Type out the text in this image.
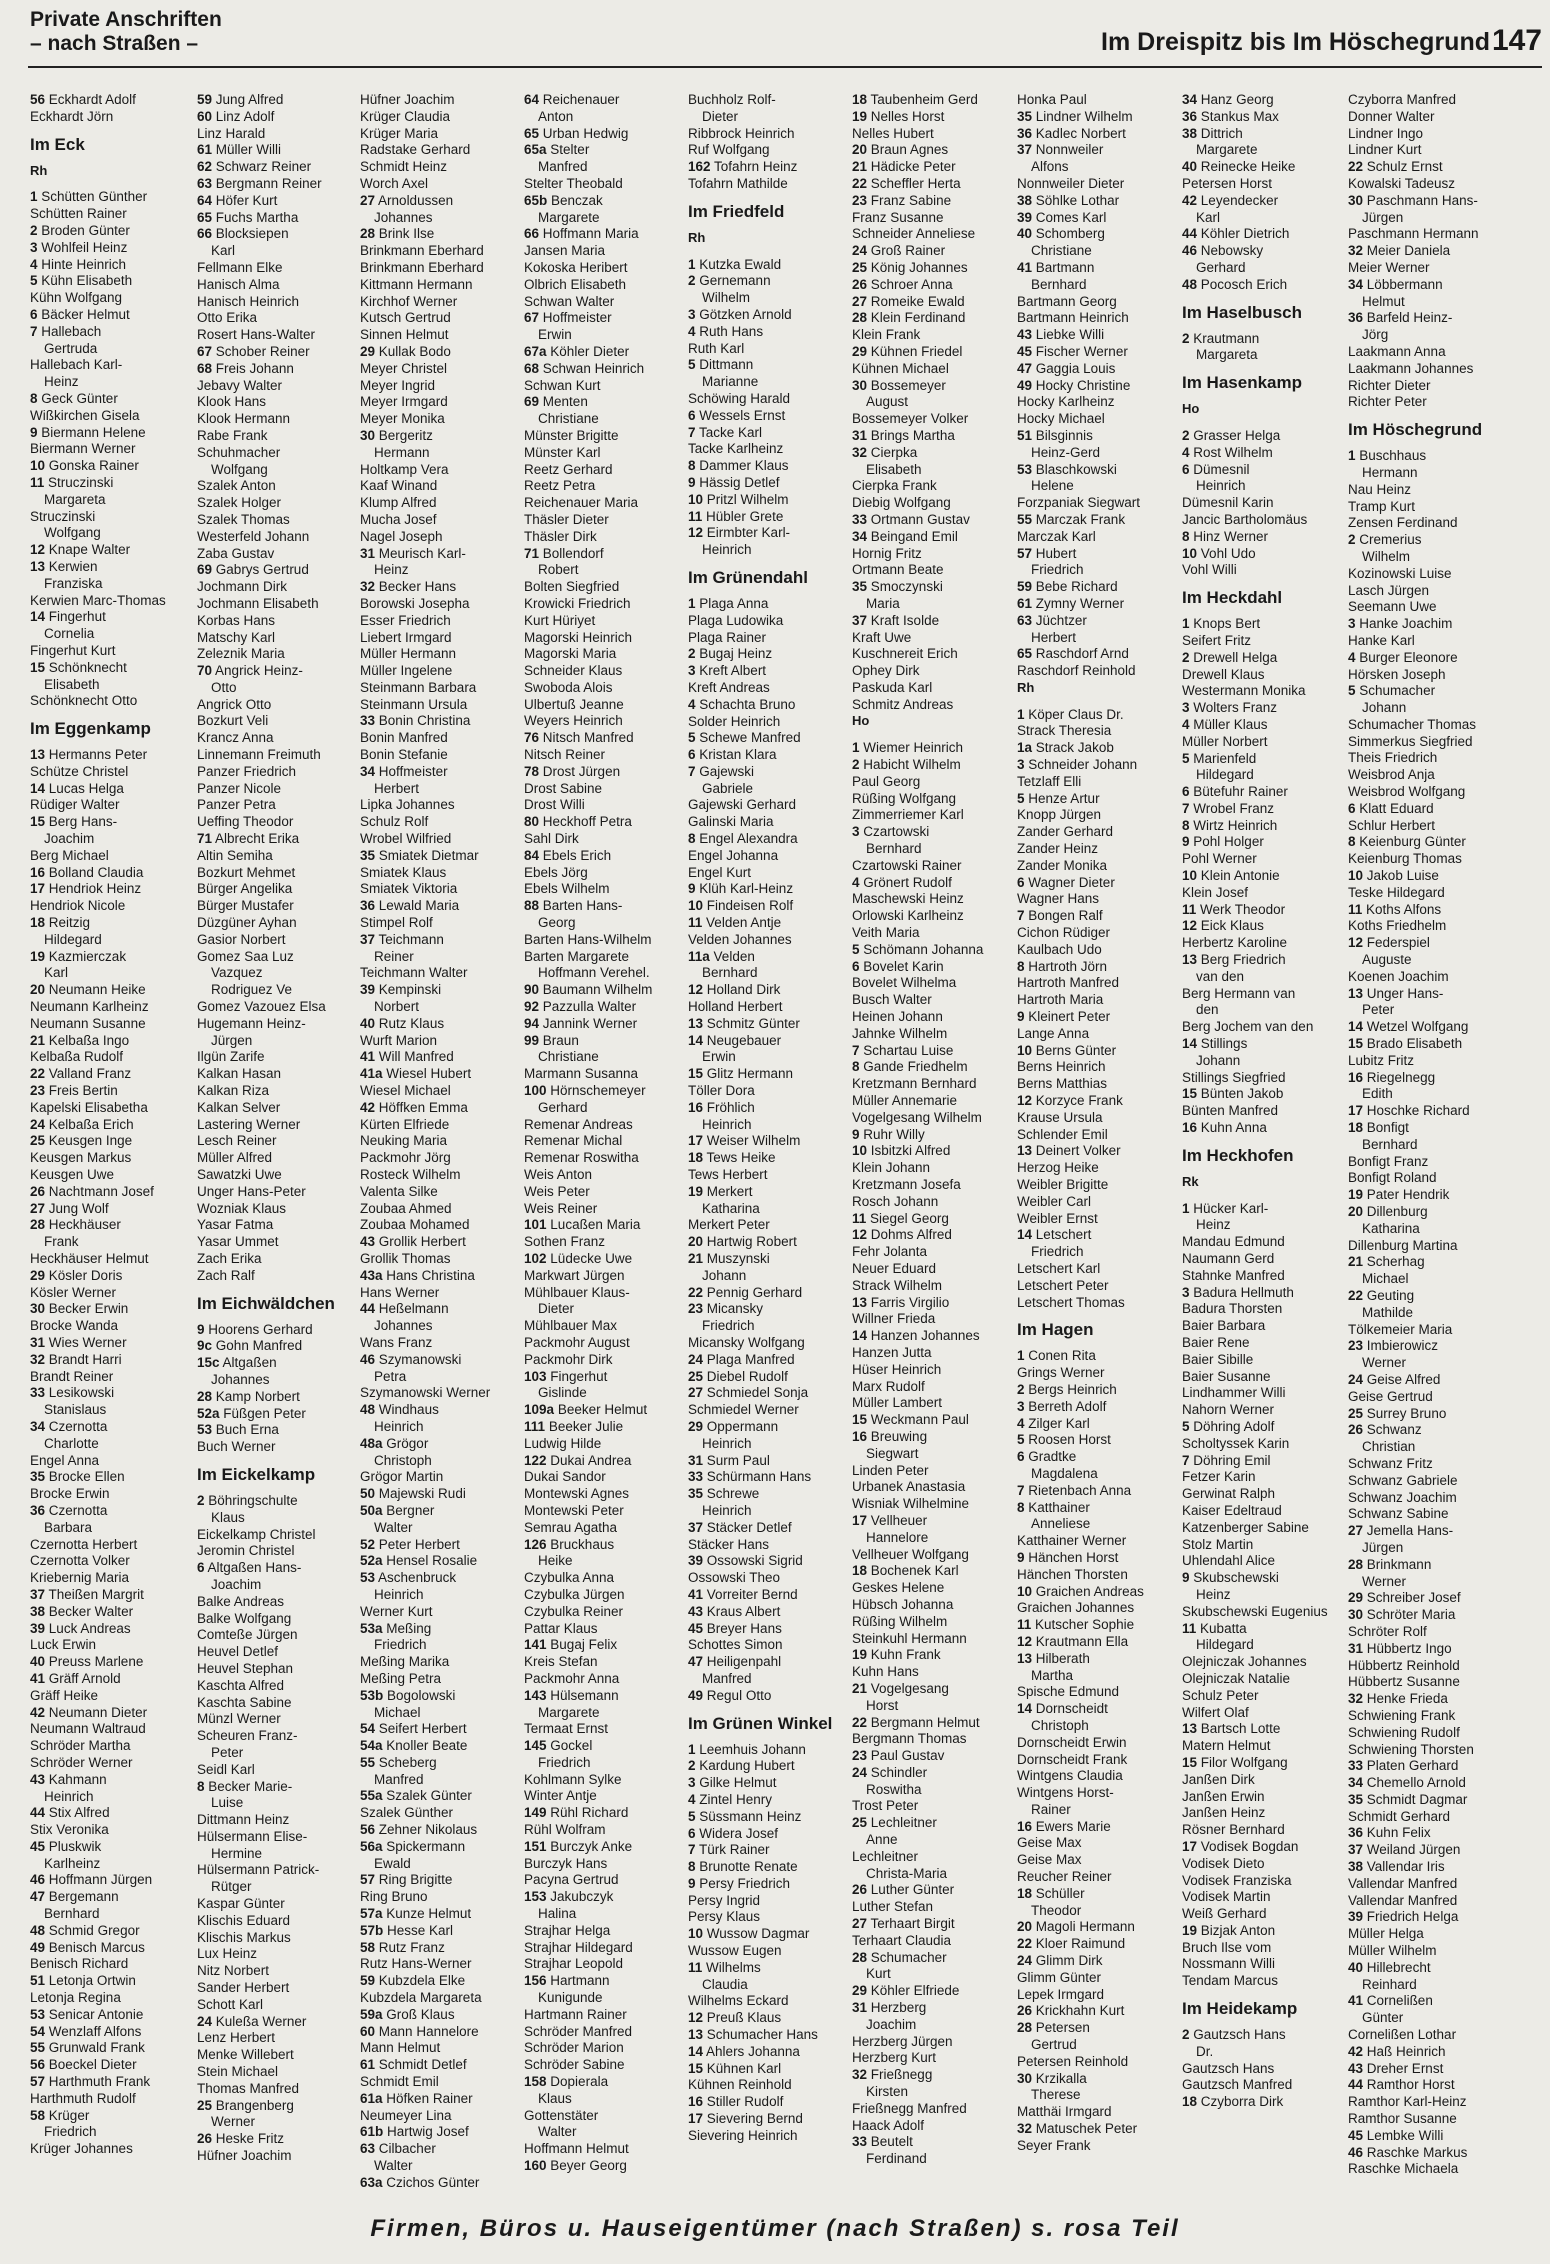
Private Anschriften
– nach Straßen –	Im Dreispitz bis Im Höschegrund 147
56 Eckhardt Adolf
Eckhardt Jörn
Im Eck
Rh
1 Schütten Günther
Schütten Rainer
2 Broden Günter
3 Wohlfeil Heinz
4 Hinte Heinrich
5 Kühn Elisabeth
Kühn Wolfgang
6 Bäcker Helmut
7 Hallebach
Gertruda
Hallebach Karl-
Heinz
8 Geck Günter
Wißkirchen Gisela
9 Biermann Helene
Biermann Werner
10 Gonska Rainer
11 Struczinski
Margareta
Struczinski
Wolfgang
12 Knape Walter
13 Kerwien
Franziska
Kerwien Marc-Thomas
14 Fingerhut
Cornelia
Fingerhut Kurt
15 Schönknecht
Elisabeth
Schönknecht Otto
Im Eggenkamp
13 Hermanns Peter
Schütze Christel
14 Lucas Helga
Rüdiger Walter
15 Berg Hans-
Joachim
Berg Michael
16 Bolland Claudia
17 Hendriok Heinz
Hendriok Nicole
18 Reitzig
Hildegard
19 Kazmierczak
Karl
20 Neumann Heike
Neumann Karlheinz
Neumann Susanne
21 Kelbaßa Ingo
Kelbaßa Rudolf
22 Valland Franz
23 Freis Bertin
Kapelski Elisabetha
24 Kelbaßa Erich
25 Keusgen Inge
Keusgen Markus
Keusgen Uwe
26 Nachtmann Josef
27 Jung Wolf
28 Heckhäuser
Frank
Heckhäuser Helmut
29 Kösler Doris
Kösler Werner
30 Becker Erwin
Brocke Wanda
31 Wies Werner
32 Brandt Harri
Brandt Reiner
33 Lesikowski
Stanislaus
34 Czernotta
Charlotte
Engel Anna
35 Brocke Ellen
Brocke Erwin
36 Czernotta
Barbara
Czernotta Herbert
Czernotta Volker
Kriebernig Maria
37 Theißen Margrit
38 Becker Walter
39 Luck Andreas
Luck Erwin
40 Preuss Marlene
41 Gräff Arnold
Gräff Heike
42 Neumann Dieter
Neumann Waltraud
Schröder Martha
Schröder Werner
43 Kahmann
Heinrich
44 Stix Alfred
Stix Veronika
45 Pluskwik
Karlheinz
46 Hoffmann Jürgen
47 Bergemann
Bernhard
48 Schmid Gregor
49 Benisch Marcus
Benisch Richard
51 Letonja Ortwin
Letonja Regina
53 Senicar Antonie
54 Wenzlaff Alfons
55 Grunwald Frank
56 Boeckel Dieter
57 Harthmuth Frank
Harthmuth Rudolf
58 Krüger
Friedrich
Krüger Johannes
59 Jung Alfred
60 Linz Adolf
Linz Harald
61 Müller Willi
62 Schwarz Reiner
63 Bergmann Reiner
64 Höfer Kurt
65 Fuchs Martha
66 Blocksiepen
Karl
Fellmann Elke
Hanisch Alma
Hanisch Heinrich
Otto Erika
Rosert Hans-Walter
67 Schober Reiner
68 Freis Johann
Jebavy Walter
Klook Hans
Klook Hermann
Rabe Frank
Schuhmacher
Wolfgang
Szalek Anton
Szalek Holger
Szalek Thomas
Westerfeld Johann
Zaba Gustav
69 Gabrys Gertrud
Jochmann Dirk
Jochmann Elisabeth
Korbas Hans
Matschy Karl
Zeleznik Maria
70 Angrick Heinz-
Otto
Angrick Otto
Bozkurt Veli
Krancz Anna
Linnemann Freimuth
Panzer Friedrich
Panzer Nicole
Panzer Petra
Ueffing Theodor
71 Albrecht Erika
Altin Semiha
Bozkurt Mehmet
Bürger Angelika
Bürger Mustafer
Düzgüner Ayhan
Gasior Norbert
Gomez Saa Luz
Vazquez
Rodriguez Ve
Gomez Vazouez Elsa
Hugemann Heinz-
Jürgen
Ilgün Zarife
Kalkan Hasan
Kalkan Riza
Kalkan Selver
Lastering Werner
Lesch Reiner
Müller Alfred
Sawatzki Uwe
Unger Hans-Peter
Wozniak Klaus
Yasar Fatma
Yasar Ummet
Zach Erika
Zach Ralf
Im Eichwäldchen
9 Hoorens Gerhard
9c Gohn Manfred
15c Altgaßen
Johannes
28 Kamp Norbert
52a Füßgen Peter
53 Buch Erna
Buch Werner
Im Eickelkamp
2 Böhringschulte
Klaus
Eickelkamp Christel
Jeromin Christel
6 Altgaßen Hans-
Joachim
Balke Andreas
Balke Wolfgang
Comteße Jürgen
Heuvel Detlef
Heuvel Stephan
Kaschta Alfred
Kaschta Sabine
Münzl Werner
Scheuren Franz-
Peter
Seidl Karl
8 Becker Marie-
Luise
Dittmann Heinz
Hülsermann Elise-
Hermine
Hülsermann Patrick-
Rütger
Kaspar Günter
Klischis Eduard
Klischis Markus
Lux Heinz
Nitz Norbert
Sander Herbert
Schott Karl
24 Kuleßa Werner
Lenz Herbert
Menke Willebert
Stein Michael
Thomas Manfred
25 Brangenberg
Werner
26 Heske Fritz
Hüfner Joachim
Hüfner Joachim
Krüger Claudia
Krüger Maria
Radstake Gerhard
Schmidt Heinz
Worch Axel
27 Arnoldussen
Johannes
28 Brink Ilse
Brinkmann Eberhard
Brinkmann Eberhard
Kittmann Hermann
Kirchhof Werner
Kutsch Gertrud
Sinnen Helmut
29 Kullak Bodo
Meyer Christel
Meyer Ingrid
Meyer Irmgard
Meyer Monika
30 Bergeritz
Hermann
Holtkamp Vera
Kaaf Winand
Klump Alfred
Mucha Josef
Nagel Joseph
31 Meurisch Karl-
Heinz
32 Becker Hans
Borowski Josepha
Esser Friedrich
Liebert Irmgard
Müller Hermann
Müller Ingelene
Steinmann Barbara
Steinmann Ursula
33 Bonin Christina
Bonin Manfred
Bonin Stefanie
34 Hoffmeister
Herbert
Lipka Johannes
Schulz Rolf
Wrobel Wilfried
35 Smiatek Dietmar
Smiatek Klaus
Smiatek Viktoria
36 Lewald Maria
Stimpel Rolf
37 Teichmann
Reiner
Teichmann Walter
39 Kempinski
Norbert
40 Rutz Klaus
Wurft Marion
41 Will Manfred
41a Wiesel Hubert
Wiesel Michael
42 Höffken Emma
Kürten Elfriede
Neuking Maria
Packmohr Jörg
Rosteck Wilhelm
Valenta Silke
Zoubaa Ahmed
Zoubaa Mohamed
43 Grollik Herbert
Grollik Thomas
43a Hans Christina
Hans Werner
44 Heßelmann
Johannes
Wans Franz
46 Szymanowski
Petra
Szymanowski Werner
48 Windhaus
Heinrich
48a Grögor
Christoph
Grögor Martin
50 Majewski Rudi
50a Bergner
Walter
52 Peter Herbert
52a Hensel Rosalie
53 Aschenbruck
Heinrich
Werner Kurt
53a Meßing
Friedrich
Meßing Marika
Meßing Petra
53b Bogolowski
Michael
54 Seifert Herbert
54a Knoller Beate
55 Scheberg
Manfred
55a Szalek Günter
Szalek Günther
56 Zehner Nikolaus
56a Spickermann
Ewald
57 Ring Brigitte
Ring Bruno
57a Kunze Helmut
57b Hesse Karl
58 Rutz Franz
Rutz Hans-Werner
59 Kubzdela Elke
Kubzdela Margareta
59a Groß Klaus
60 Mann Hannelore
Mann Helmut
61 Schmidt Detlef
Schmidt Emil
61a Höfken Rainer
Neumeyer Lina
61b Hartwig Josef
63 Cilbacher
Walter
63a Czichos Günter
64 Reichenauer
Anton
65 Urban Hedwig
65a Stelter
Manfred
Stelter Theobald
65b Benczak
Margarete
66 Hoffmann Maria
Jansen Maria
Kokoska Heribert
Olbrich Elisabeth
Schwan Walter
67 Hoffmeister
Erwin
67a Köhler Dieter
68 Schwan Heinrich
Schwan Kurt
69 Menten
Christiane
Münster Brigitte
Münster Karl
Reetz Gerhard
Reetz Petra
Reichenauer Maria
Thäsler Dieter
Thäsler Dirk
71 Bollendorf
Robert
Bolten Siegfried
Krowicki Friedrich
Kurt Hüriyet
Magorski Heinrich
Magorski Maria
Schneider Klaus
Swoboda Alois
Ulbertuß Jeanne
Weyers Heinrich
76 Nitsch Manfred
Nitsch Reiner
78 Drost Jürgen
Drost Sabine
Drost Willi
80 Heckhoff Petra
Sahl Dirk
84 Ebels Erich
Ebels Jörg
Ebels Wilhelm
88 Barten Hans-
Georg
Barten Hans-Wilhelm
Barten Margarete
Hoffmann Verehel.
90 Baumann Wilhelm
92 Pazzulla Walter
94 Jannink Werner
99 Braun
Christiane
Marmann Susanna
100 Hörnschemeyer
Gerhard
Remenar Andreas
Remenar Michal
Remenar Roswitha
Weis Anton
Weis Peter
Weis Reiner
101 Lucaßen Maria
Sothen Franz
102 Lüdecke Uwe
Markwart Jürgen
Mühlbauer Klaus-
Dieter
Mühlbauer Max
Packmohr August
Packmohr Dirk
103 Fingerhut
Gislinde
109a Beeker Helmut
111 Beeker Julie
Ludwig Hilde
122 Dukai Andrea
Dukai Sandor
Montewski Agnes
Montewski Peter
Semrau Agatha
126 Bruckhaus
Heike
Czybulka Anna
Czybulka Jürgen
Czybulka Reiner
Pattar Klaus
141 Bugaj Felix
Kreis Stefan
Packmohr Anna
143 Hülsemann
Margarete
Termaat Ernst
145 Gockel
Friedrich
Kohlmann Sylke
Winter Antje
149 Rühl Richard
Rühl Wolfram
151 Burczyk Anke
Burczyk Hans
Pacyna Gertrud
153 Jakubczyk
Halina
Strajhar Helga
Strajhar Hildegard
Strajhar Leopold
156 Hartmann
Kunigunde
Hartmann Rainer
Schröder Manfred
Schröder Marion
Schröder Sabine
158 Dopierala
Klaus
Gottenstäter
Walter
Hoffmann Helmut
160 Beyer Georg
Buchholz Rolf-
Dieter
Ribbrock Heinrich
Ruf Wolfgang
162 Tofahrn Heinz
Tofahrn Mathilde
Im Friedfeld
Rh
1 Kutzka Ewald
2 Gernemann
Wilhelm
3 Götzken Arnold
4 Ruth Hans
Ruth Karl
5 Dittmann
Marianne
Schöwing Harald
6 Wessels Ernst
7 Tacke Karl
Tacke Karlheinz
8 Dammer Klaus
9 Hässig Detlef
10 Pritzl Wilhelm
11 Hübler Grete
12 Eirmbter Karl-
Heinrich
Im Grünendahl
1 Plaga Anna
Plaga Ludowika
Plaga Rainer
2 Bugaj Heinz
3 Kreft Albert
Kreft Andreas
4 Schachta Bruno
Solder Heinrich
5 Schewe Manfred
6 Kristan Klara
7 Gajewski
Gabriele
Gajewski Gerhard
Galinski Maria
8 Engel Alexandra
Engel Johanna
Engel Kurt
9 Klüh Karl-Heinz
10 Findeisen Rolf
11 Velden Antje
Velden Johannes
11a Velden
Bernhard
12 Holland Dirk
Holland Herbert
13 Schmitz Günter
14 Neugebauer
Erwin
15 Glitz Hermann
Töller Dora
16 Fröhlich
Heinrich
17 Weiser Wilhelm
18 Tews Heike
Tews Herbert
19 Merkert
Katharina
Merkert Peter
20 Hartwig Robert
21 Muszynski
Johann
22 Pennig Gerhard
23 Micansky
Friedrich
Micansky Wolfgang
24 Plaga Manfred
25 Diebel Rudolf
27 Schmiedel Sonja
Schmiedel Werner
29 Oppermann
Heinrich
31 Surm Paul
33 Schürmann Hans
35 Schrewe
Heinrich
37 Stäcker Detlef
Stäcker Hans
39 Ossowski Sigrid
Ossowski Theo
41 Vorreiter Bernd
43 Kraus Albert
45 Breyer Hans
Schottes Simon
47 Heiligenpahl
Manfred
49 Regul Otto
Im Grünen Winkel
1 Leemhuis Johann
2 Kardung Hubert
3 Gilke Helmut
4 Zintel Henry
5 Süssmann Heinz
6 Widera Josef
7 Türk Rainer
8 Brunotte Renate
9 Persy Friedrich
Persy Ingrid
Persy Klaus
10 Wussow Dagmar
Wussow Eugen
11 Wilhelms
Claudia
Wilhelms Eckard
12 Preuß Klaus
13 Schumacher Hans
14 Ahlers Johanna
15 Kühnen Karl
Kühnen Reinhold
16 Stiller Rudolf
17 Sievering Bernd
Sievering Heinrich
18 Taubenheim Gerd
19 Nelles Horst
Nelles Hubert
20 Braun Agnes
21 Hädicke Peter
22 Scheffler Herta
23 Franz Sabine
Franz Susanne
Schneider Anneliese
24 Groß Rainer
25 König Johannes
26 Schroer Anna
27 Romeike Ewald
28 Klein Ferdinand
Klein Frank
29 Kühnen Friedel
Kühnen Michael
30 Bossemeyer
August
Bossemeyer Volker
31 Brings Martha
32 Cierpka
Elisabeth
Cierpka Frank
Diebig Wolfgang
33 Ortmann Gustav
34 Beingand Emil
Hornig Fritz
Ortmann Beate
35 Smoczynski
Maria
37 Kraft Isolde
Kraft Uwe
Kuschnereit Erich
Ophey Dirk
Paskuda Karl
Schmitz Andreas
Ho
1 Wiemer Heinrich
2 Habicht Wilhelm
Paul Georg
Rüßing Wolfgang
Zimmerriemer Karl
3 Czartowski
Bernhard
Czartowski Rainer
4 Grönert Rudolf
Maschewski Heinz
Orlowski Karlheinz
Veith Maria
5 Schömann Johanna
6 Bovelet Karin
Bovelet Wilhelma
Busch Walter
Heinen Johann
Jahnke Wilhelm
7 Schartau Luise
8 Gande Friedhelm
Kretzmann Bernhard
Müller Annemarie
Vogelgesang Wilhelm
9 Ruhr Willy
10 Isbitzki Alfred
Klein Johann
Kretzmann Josefa
Rosch Johann
11 Siegel Georg
12 Dohms Alfred
Fehr Jolanta
Neuer Eduard
Strack Wilhelm
13 Farris Virgilio
Willner Frieda
14 Hanzen Johannes
Hanzen Jutta
Hüser Heinrich
Marx Rudolf
Müller Lambert
15 Weckmann Paul
16 Breuwing
Siegwart
Linden Peter
Urbanek Anastasia
Wisniak Wilhelmine
17 Vellheuer
Hannelore
Vellheuer Wolfgang
18 Bochenek Karl
Geskes Helene
Hübsch Johanna
Rüßing Wilhelm
Steinkuhl Hermann
19 Kuhn Frank
Kuhn Hans
21 Vogelgesang
Horst
22 Bergmann Helmut
Bergmann Thomas
23 Paul Gustav
24 Schindler
Roswitha
Trost Peter
25 Lechleitner
Anne
Lechleitner
Christa-Maria
26 Luther Günter
Luther Stefan
27 Terhaart Birgit
Terhaart Claudia
28 Schumacher
Kurt
29 Köhler Elfriede
31 Herzberg
Joachim
Herzberg Jürgen
Herzberg Kurt
32 Frießnegg
Kirsten
Frießnegg Manfred
Haack Adolf
33 Beutelt
Ferdinand
Honka Paul
35 Lindner Wilhelm
36 Kadlec Norbert
37 Nonnweiler
Alfons
Nonnweiler Dieter
38 Söhlke Lothar
39 Comes Karl
40 Schomberg
Christiane
41 Bartmann
Bernhard
Bartmann Georg
Bartmann Heinrich
43 Liebke Willi
45 Fischer Werner
47 Gaggia Louis
49 Hocky Christine
Hocky Karlheinz
Hocky Michael
51 Bilsginnis
Heinz-Gerd
53 Blaschkowski
Helene
Forzpaniak Siegwart
55 Marczak Frank
Marczak Karl
57 Hubert
Friedrich
59 Bebe Richard
61 Zymny Werner
63 Jüchtzer
Herbert
65 Raschdorf Arnd
Raschdorf Reinhold
Rh
1 Köper Claus Dr.
Strack Theresia
1a Strack Jakob
3 Schneider Johann
Tetzlaff Elli
5 Henze Artur
Knopp Jürgen
Zander Gerhard
Zander Heinz
Zander Monika
6 Wagner Dieter
Wagner Hans
7 Bongen Ralf
Cichon Rüdiger
Kaulbach Udo
8 Hartroth Jörn
Hartroth Manfred
Hartroth Maria
9 Kleinert Peter
Lange Anna
10 Berns Günter
Berns Heinrich
Berns Matthias
12 Korzyce Frank
Krause Ursula
Schlender Emil
13 Deinert Volker
Herzog Heike
Weibler Brigitte
Weibler Carl
Weibler Ernst
14 Letschert
Friedrich
Letschert Karl
Letschert Peter
Letschert Thomas
Im Hagen
1 Conen Rita
Grings Werner
2 Bergs Heinrich
3 Berreth Adolf
4 Zilger Karl
5 Roosen Horst
6 Gradtke
Magdalena
7 Rietenbach Anna
8 Katthainer
Anneliese
Katthainer Werner
9 Hänchen Horst
Hänchen Thorsten
10 Graichen Andreas
Graichen Johannes
11 Kutscher Sophie
12 Krautmann Ella
13 Hilberath
Martha
Spische Edmund
14 Dornscheidt
Christoph
Dornscheidt Erwin
Dornscheidt Frank
Wintgens Claudia
Wintgens Horst-
Rainer
16 Ewers Marie
Geise Max
Geise Max
Reucher Reiner
18 Schüller
Theodor
20 Magoli Hermann
22 Kloer Raimund
24 Glimm Dirk
Glimm Günter
Lepek Irmgard
26 Krickhahn Kurt
28 Petersen
Gertrud
Petersen Reinhold
30 Krzikalla
Therese
Matthäi Irmgard
32 Matuschek Peter
Seyer Frank
34 Hanz Georg
36 Stankus Max
38 Dittrich
Margarete
40 Reinecke Heike
Petersen Horst
42 Leyendecker
Karl
44 Köhler Dietrich
46 Nebowsky
Gerhard
48 Pocosch Erich
Im Haselbusch
2 Krautmann
Margareta
Im Hasenkamp
Ho
2 Grasser Helga
4 Rost Wilhelm
6 Dümesnil
Heinrich
Dümesnil Karin
Jancic Bartholomäus
8 Hinz Werner
10 Vohl Udo
Vohl Willi
Im Heckdahl
1 Knops Bert
Seifert Fritz
2 Drewell Helga
Drewell Klaus
Westermann Monika
3 Wolters Franz
4 Müller Klaus
Müller Norbert
5 Marienfeld
Hildegard
6 Bütefuhr Rainer
7 Wrobel Franz
8 Wirtz Heinrich
9 Pohl Holger
Pohl Werner
10 Klein Antonie
Klein Josef
11 Werk Theodor
12 Eick Klaus
Herbertz Karoline
13 Berg Friedrich
van den
Berg Hermann van
den
Berg Jochem van den
14 Stillings
Johann
Stillings Siegfried
15 Bünten Jakob
Bünten Manfred
16 Kuhn Anna
Im Heckhofen
Rk
1 Hücker Karl-
Heinz
Mandau Edmund
Naumann Gerd
Stahnke Manfred
3 Badura Hellmuth
Badura Thorsten
Baier Barbara
Baier Rene
Baier Sibille
Baier Susanne
Lindhammer Willi
Nahorn Werner
5 Döhring Adolf
Scholtyssek Karin
7 Döhring Emil
Fetzer Karin
Gerwinat Ralph
Kaiser Edeltraud
Katzenberger Sabine
Stolz Martin
Uhlendahl Alice
9 Skubschewski
Heinz
Skubschewski Eugenius
11 Kubatta
Hildegard
Olejniczak Johannes
Olejniczak Natalie
Schulz Peter
Wilfert Olaf
13 Bartsch Lotte
Matern Helmut
15 Filor Wolfgang
Janßen Dirk
Janßen Erwin
Janßen Heinz
Rösner Bernhard
17 Vodisek Bogdan
Vodisek Dieto
Vodisek Franziska
Vodisek Martin
Weiß Gerhard
19 Bizjak Anton
Bruch Ilse vom
Nossmann Willi
Tendam Marcus
Im Heidekamp
2 Gautzsch Hans
Dr.
Gautzsch Hans
Gautzsch Manfred
18 Czyborra Dirk
Czyborra Manfred
Donner Walter
Lindner Ingo
Lindner Kurt
22 Schulz Ernst
Kowalski Tadeusz
30 Paschmann Hans-
Jürgen
Paschmann Hermann
32 Meier Daniela
Meier Werner
34 Löbbermann
Helmut
36 Barfeld Heinz-
Jörg
Laakmann Anna
Laakmann Johannes
Richter Dieter
Richter Peter
Im Höschegrund
1 Buschhaus
Hermann
Nau Heinz
Tramp Kurt
Zensen Ferdinand
2 Cremerius
Wilhelm
Kozinowski Luise
Lasch Jürgen
Seemann Uwe
3 Hanke Joachim
Hanke Karl
4 Burger Eleonore
Hörsken Joseph
5 Schumacher
Johann
Schumacher Thomas
Simmerkus Siegfried
Theis Friedrich
Weisbrod Anja
Weisbrod Wolfgang
6 Klatt Eduard
Schlur Herbert
8 Keienburg Günter
Keienburg Thomas
10 Jakob Luise
Teske Hildegard
11 Koths Alfons
Koths Friedhelm
12 Federspiel
Auguste
Koenen Joachim
13 Unger Hans-
Peter
14 Wetzel Wolfgang
15 Brado Elisabeth
Lubitz Fritz
16 Riegelnegg
Edith
17 Hoschke Richard
18 Bonfigt
Bernhard
Bonfigt Franz
Bonfigt Roland
19 Pater Hendrik
20 Dillenburg
Katharina
Dillenburg Martina
21 Scherhag
Michael
22 Geuting
Mathilde
Tölkemeier Maria
23 Imbierowicz
Werner
24 Geise Alfred
Geise Gertrud
25 Surrey Bruno
26 Schwanz
Christian
Schwanz Fritz
Schwanz Gabriele
Schwanz Joachim
Schwanz Sabine
27 Jemella Hans-
Jürgen
28 Brinkmann
Werner
29 Schreiber Josef
30 Schröter Maria
Schröter Rolf
31 Hübbertz Ingo
Hübbertz Reinhold
Hübbertz Susanne
32 Henke Frieda
Schwiening Frank
Schwiening Rudolf
Schwiening Thorsten
33 Platen Gerhard
34 Chemello Arnold
35 Schmidt Dagmar
Schmidt Gerhard
36 Kuhn Felix
37 Weiland Jürgen
38 Vallendar Iris
Vallendar Manfred
Vallendar Manfred
39 Friedrich Helga
Müller Helga
Müller Wilhelm
40 Hillebrecht
Reinhard
41 Cornelißen
Günter
Cornelißen Lothar
42 Haß Heinrich
43 Dreher Ernst
44 Ramthor Horst
Ramthor Karl-Heinz
Ramthor Susanne
45 Lembke Willi
46 Raschke Markus
Raschke Michaela
Firmen, Büros u. Hauseigentümer (nach Straßen) s. rosa Teil
